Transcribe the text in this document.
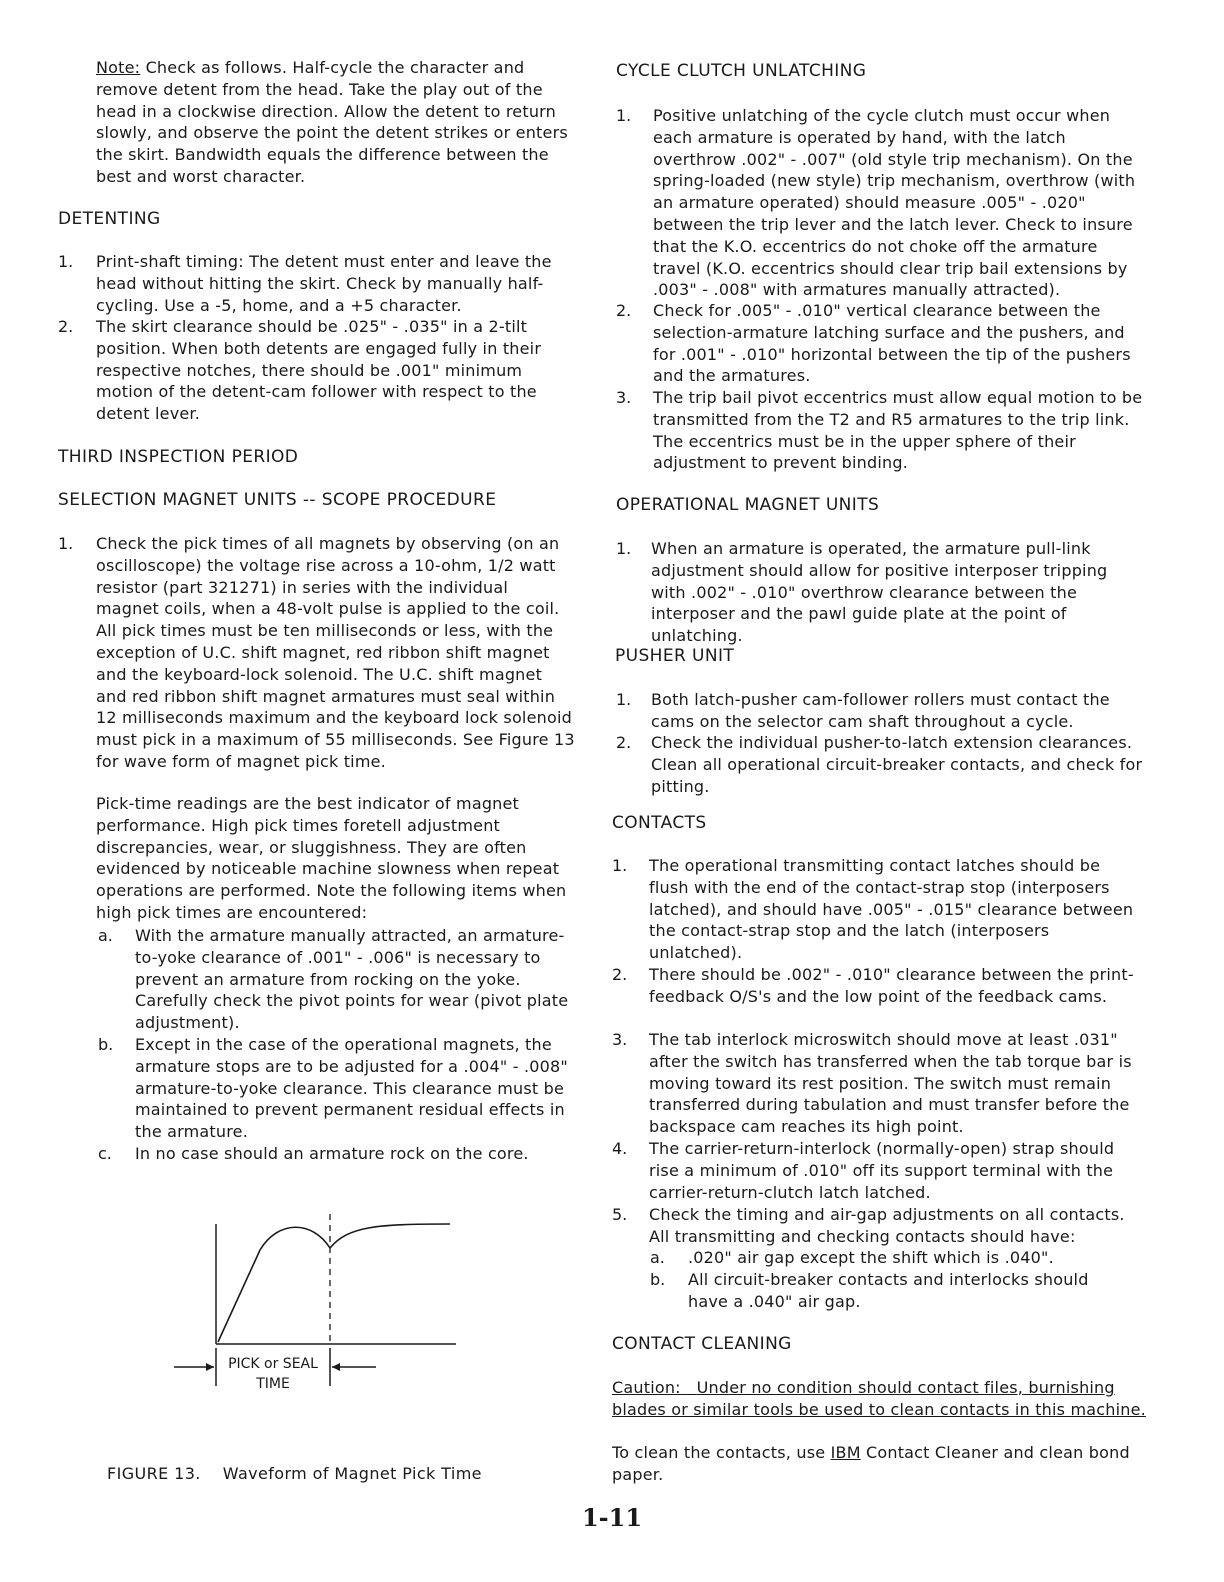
Note: Check as follows. Half-cycle the character and remove detent from the head. Take the play out of the head in a clockwise direction. Allow the detent to return slowly, and observe the point the detent strikes or enters the skirt. Bandwidth equals the difference between the best and worst character.
DETENTING
1. Print-shaft timing: The detent must enter and leave the head without hitting the skirt. Check by manually half-cycling. Use a -5, home, and a +5 character.
2. The skirt clearance should be .025" - .035" in a 2-tilt position. When both detents are engaged fully in their respective notches, there should be .001" minimum motion of the detent-cam follower with respect to the detent lever.
THIRD INSPECTION PERIOD
SELECTION MAGNET UNITS -- SCOPE PROCEDURE
1. Check the pick times of all magnets by observing (on an oscilloscope) the voltage rise across a 10-ohm, 1/2 watt resistor (part 321271) in series with the individual magnet coils, when a 48-volt pulse is applied to the coil. All pick times must be ten milliseconds or less, with the exception of U.C. shift magnet, red ribbon shift magnet and the keyboard-lock solenoid. The U.C. shift magnet and red ribbon shift magnet armatures must seal within 12 milliseconds maximum and the keyboard lock solenoid must pick in a maximum of 55 milliseconds. See Figure 13 for wave form of magnet pick time.
Pick-time readings are the best indicator of magnet performance. High pick times foretell adjustment discrepancies, wear, or sluggishness. They are often evidenced by noticeable machine slowness when repeat operations are performed. Note the following items when high pick times are encountered:
a. With the armature manually attracted, an armature-to-yoke clearance of .001" - .006" is necessary to prevent an armature from rocking on the yoke. Carefully check the pivot points for wear (pivot plate adjustment).
b. Except in the case of the operational magnets, the armature stops are to be adjusted for a .004" - .008" armature-to-yoke clearance. This clearance must be maintained to prevent permanent residual effects in the armature.
c. In no case should an armature rock on the core.
PICK or SEAL
TIME
FIGURE 13. Waveform of Magnet Pick Time
CYCLE CLUTCH UNLATCHING
1. Positive unlatching of the cycle clutch must occur when each armature is operated by hand, with the latch overthrow .002" - .007" (old style trip mechanism). On the spring-loaded (new style) trip mechanism, overthrow (with an armature operated) should measure .005" - .020" between the trip lever and the latch lever. Check to insure that the K.O. eccentrics do not choke off the armature travel (K.O. eccentrics should clear trip bail extensions by .003" - .008" with armatures manually attracted).
2. Check for .005" - .010" vertical clearance between the selection-armature latching surface and the pushers, and for .001" - .010" horizontal between the tip of the pushers and the armatures.
3. The trip bail pivot eccentrics must allow equal motion to be transmitted from the T2 and R5 armatures to the trip link. The eccentrics must be in the upper sphere of their adjustment to prevent binding.
OPERATIONAL MAGNET UNITS
1. When an armature is operated, the armature pull-link adjustment should allow for positive interposer tripping with .002" - .010" overthrow clearance between the interposer and the pawl guide plate at the point of unlatching.
PUSHER UNIT
1. Both latch-pusher cam-follower rollers must contact the cams on the selector cam shaft throughout a cycle.
2. Check the individual pusher-to-latch extension clearances. Clean all operational circuit-breaker contacts, and check for pitting.
CONTACTS
1. The operational transmitting contact latches should be flush with the end of the contact-strap stop (interposers latched), and should have .005" - .015" clearance between the contact-strap stop and the latch (interposers unlatched).
2. There should be .002" - .010" clearance between the print-feedback O/S's and the low point of the feedback cams.
3. The tab interlock microswitch should move at least .031" after the switch has transferred when the tab torque bar is moving toward its rest position. The switch must remain transferred during tabulation and must transfer before the backspace cam reaches its high point.
4. The carrier-return-interlock (normally-open) strap should rise a minimum of .010" off its support terminal with the carrier-return-clutch latch latched.
5. Check the timing and air-gap adjustments on all contacts. All transmitting and checking contacts should have:
a. .020" air gap except the shift which is .040".
b. All circuit-breaker contacts and interlocks should have a .040" air gap.
CONTACT CLEANING
Caution: Under no condition should contact files, burnishing blades or similar tools be used to clean contacts in this machine.
To clean the contacts, use IBM Contact Cleaner and clean bond paper.
1-11
